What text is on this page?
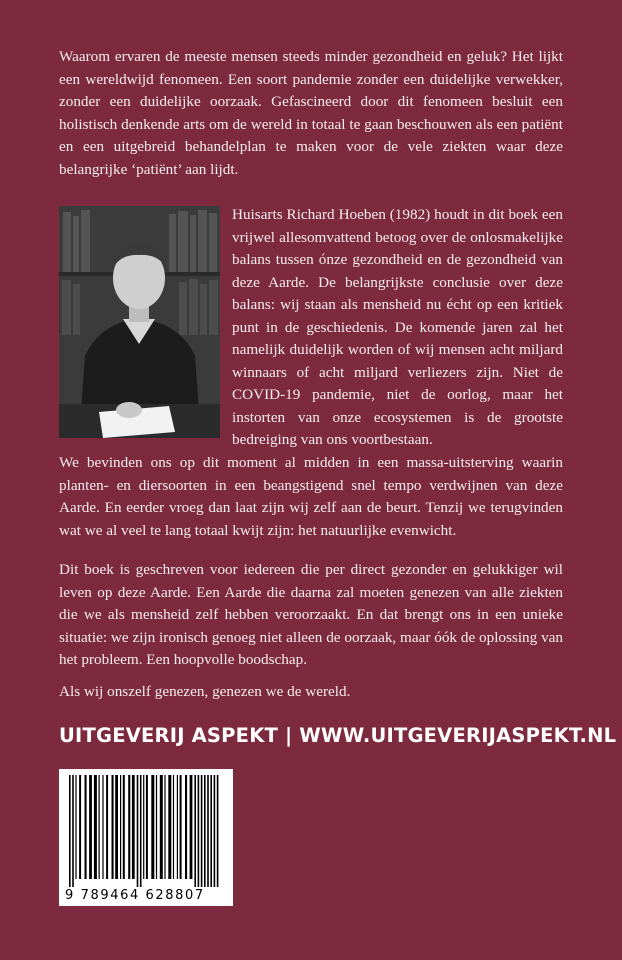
Waarom ervaren de meeste mensen steeds minder gezondheid en geluk? Het lijkt een wereldwijd fenomeen. Een soort pandemie zonder een duidelijke verwekker, zonder een duidelijke oorzaak. Gefascineerd door dit fenomeen besluit een holistisch denkende arts om de wereld in totaal te gaan beschouwen als een patiënt en een uitgebreid behandelplan te maken voor de vele ziekten waar deze belangrijke ‘patiënt’ aan lijdt.

Huisarts Richard Hoeben (1982) houdt in dit boek een vrijwel allesomvattend betoog over de onlosmakelijke balans tussen ónze gezondheid en de gezondheid van deze Aarde. De belangrijkste conclusie over deze balans: wij staan als mensheid nu écht op een kritiek punt in de geschiedenis. De komende jaren zal het namelijk duidelijk worden of wij mensen acht miljard winnaars of acht miljard verliezers zijn. Niet de COVID-19 pandemie, niet de oorlog, maar het instorten van onze ecosystemen is de grootste bedreiging van ons voortbestaan.

We bevinden ons op dit moment al midden in een massa-uitsterving waarin planten- en diersoorten in een beangstigend snel tempo verdwijnen van deze Aarde. En eerder vroeg dan laat zijn wij zelf aan de beurt. Tenzij we terugvinden wat we al veel te lang totaal kwijt zijn: het natuurlijke evenwicht.

Dit boek is geschreven voor iedereen die per direct gezonder en gelukkiger wil leven op deze Aarde. Een Aarde die daarna zal moeten genezen van alle ziekten die we als mensheid zelf hebben veroorzaakt. En dat brengt ons in een unieke situatie: we zijn ironisch genoeg niet alleen de oorzaak, maar óók de oplossing van het probleem. Een hoopvolle boodschap.

Als wij onszelf genezen, genezen we de wereld.

UITGEVERIJ ASPEKT | WWW.UITGEVERIJASPEKT.NL
9 789464 628807
